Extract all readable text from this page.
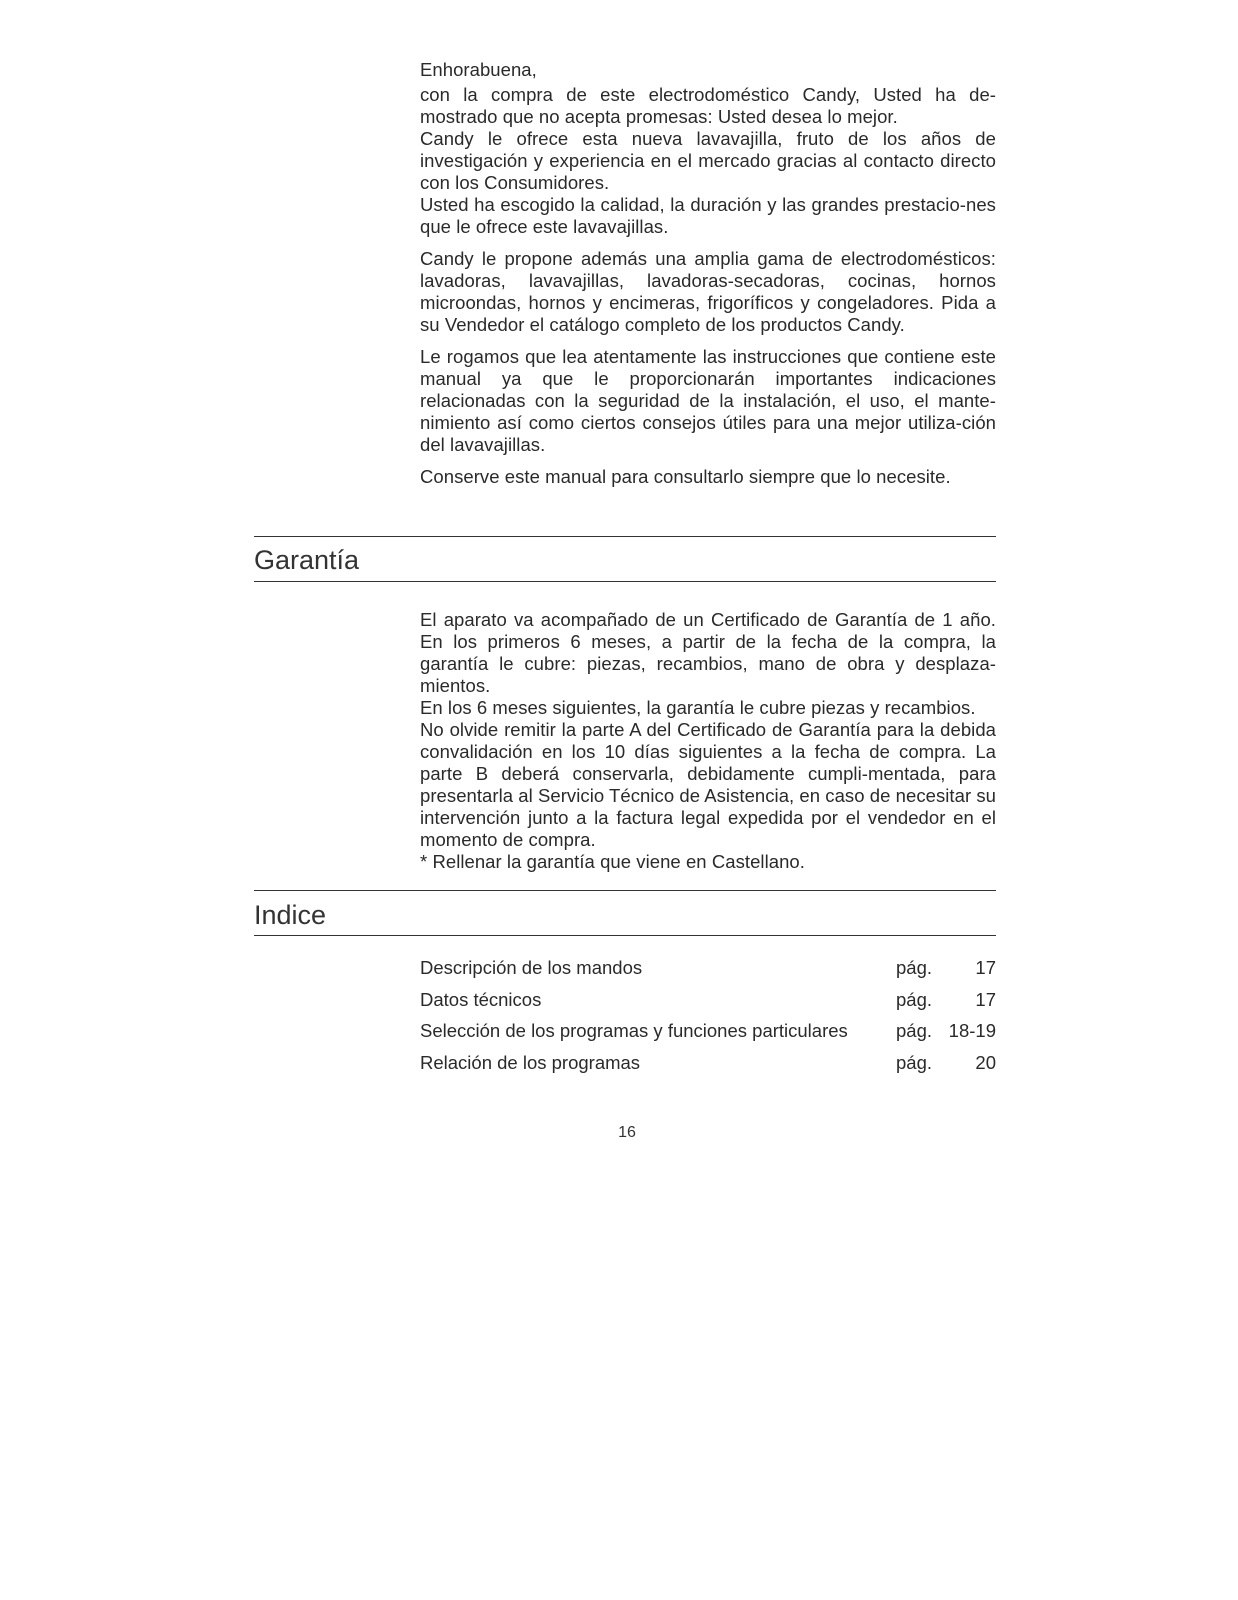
Enhorabuena,

con la compra de este electrodoméstico Candy, Usted ha de-mostrado que no acepta promesas: Usted desea lo mejor.

Candy le ofrece esta nueva lavavajilla, fruto de los años de investigación y experiencia en el mercado gracias al contacto directo con los Consumidores.

Usted ha escogido la calidad, la duración y las grandes prestacio-nes que le ofrece este lavavajillas.

Candy le propone además una amplia gama de electrodomésticos: lavadoras, lavavajillas, lavadoras-secadoras, cocinas, hornos microondas, hornos y encimeras, frigoríficos y congeladores. Pida a su Vendedor el catálogo completo de los productos Candy.

Le rogamos que lea atentamente las instrucciones que contiene este manual ya que le proporcionarán importantes indicaciones relacionadas con la seguridad de la instalación, el uso, el mante-nimiento así como ciertos consejos útiles para una mejor utiliza-ción del lavavajillas.

Conserve este manual para consultarlo siempre que lo necesite.

Garantía

El aparato va acompañado de un Certificado de Garantía de 1 año. En los primeros 6 meses, a partir de la fecha de la compra, la garantía le cubre: piezas, recambios, mano de obra y desplaza-mientos.

En los 6 meses siguientes, la garantía le cubre piezas y recambios.

No olvide remitir la parte A del Certificado de Garantía para la debida convalidación en los 10 días siguientes a la fecha de compra. La parte B deberá conservarla, debidamente cumpli-mentada, para presentarla al Servicio Técnico de Asistencia, en caso de necesitar su intervención junto a la factura legal expedida por el vendedor en el momento de compra.

* Rellenar la garantía que viene en Castellano.

Indice
Descripción de los mandos	pág. 17
Datos técnicos	pág. 17
Selección de los programas y funciones particulares	pág. 18-19
Relación de los programas	pág. 20
16
